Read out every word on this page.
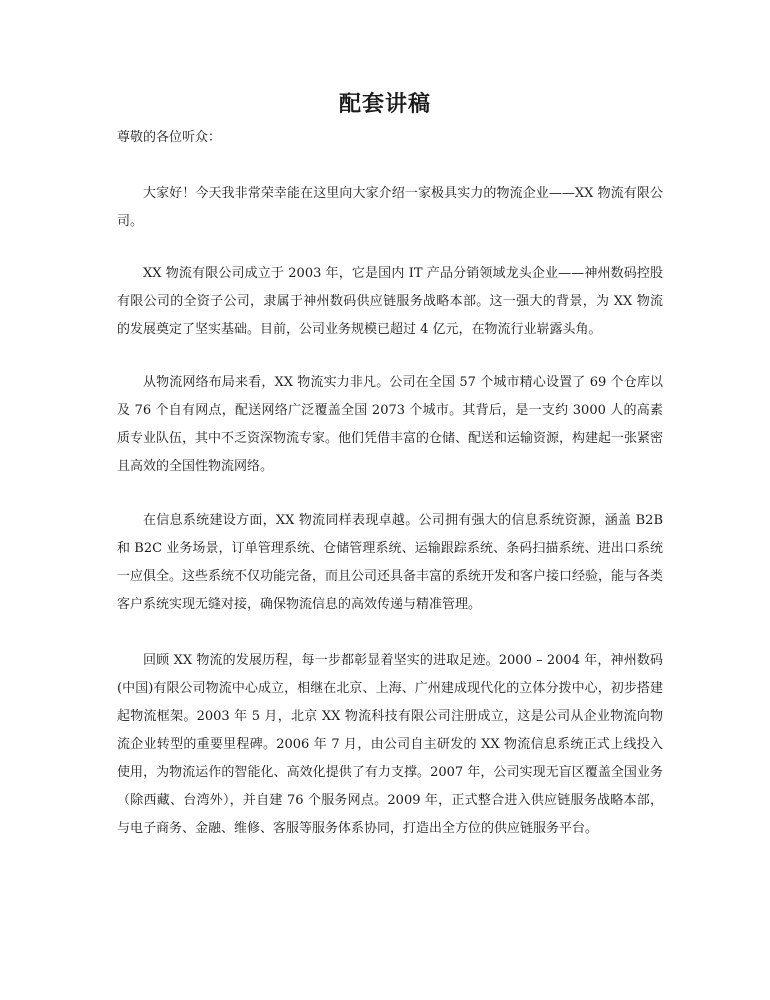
配套讲稿
尊敬的各位听众：
大家好！今天我非常荣幸能在这里向大家介绍一家极具实力的物流企业——XX 物流有限公司。
XX 物流有限公司成立于 2003 年，它是国内 IT 产品分销领域龙头企业——神州数码控股有限公司的全资子公司，隶属于神州数码供应链服务战略本部。这一强大的背景，为 XX 物流的发展奠定了坚实基础。目前，公司业务规模已超过 4 亿元，在物流行业崭露头角。
从物流网络布局来看，XX 物流实力非凡。公司在全国 57 个城市精心设置了 69 个仓库以及 76 个自有网点，配送网络广泛覆盖全国 2073 个城市。其背后，是一支约 3000 人的高素质专业队伍，其中不乏资深物流专家。他们凭借丰富的仓储、配送和运输资源，构建起一张紧密且高效的全国性物流网络。
在信息系统建设方面，XX 物流同样表现卓越。公司拥有强大的信息系统资源，涵盖 B2B 和 B2C 业务场景，订单管理系统、仓储管理系统、运输跟踪系统、条码扫描系统、进出口系统一应俱全。这些系统不仅功能完备，而且公司还具备丰富的系统开发和客户接口经验，能与各类客户系统实现无缝对接，确保物流信息的高效传递与精准管理。
回顾 XX 物流的发展历程，每一步都彰显着坚实的进取足迹。2000 – 2004 年，神州数码(中国)有限公司物流中心成立，相继在北京、上海、广州建成现代化的立体分拨中心，初步搭建起物流框架。2003 年 5 月，北京 XX 物流科技有限公司注册成立，这是公司从企业物流向物流企业转型的重要里程碑。2006 年 7 月，由公司自主研发的 XX 物流信息系统正式上线投入使用，为物流运作的智能化、高效化提供了有力支撑。2007 年，公司实现无盲区覆盖全国业务（除西藏、台湾外），并自建 76 个服务网点。2009 年，正式整合进入供应链服务战略本部，与电子商务、金融、维修、客服等服务体系协同，打造出全方位的供应链服务平台。
